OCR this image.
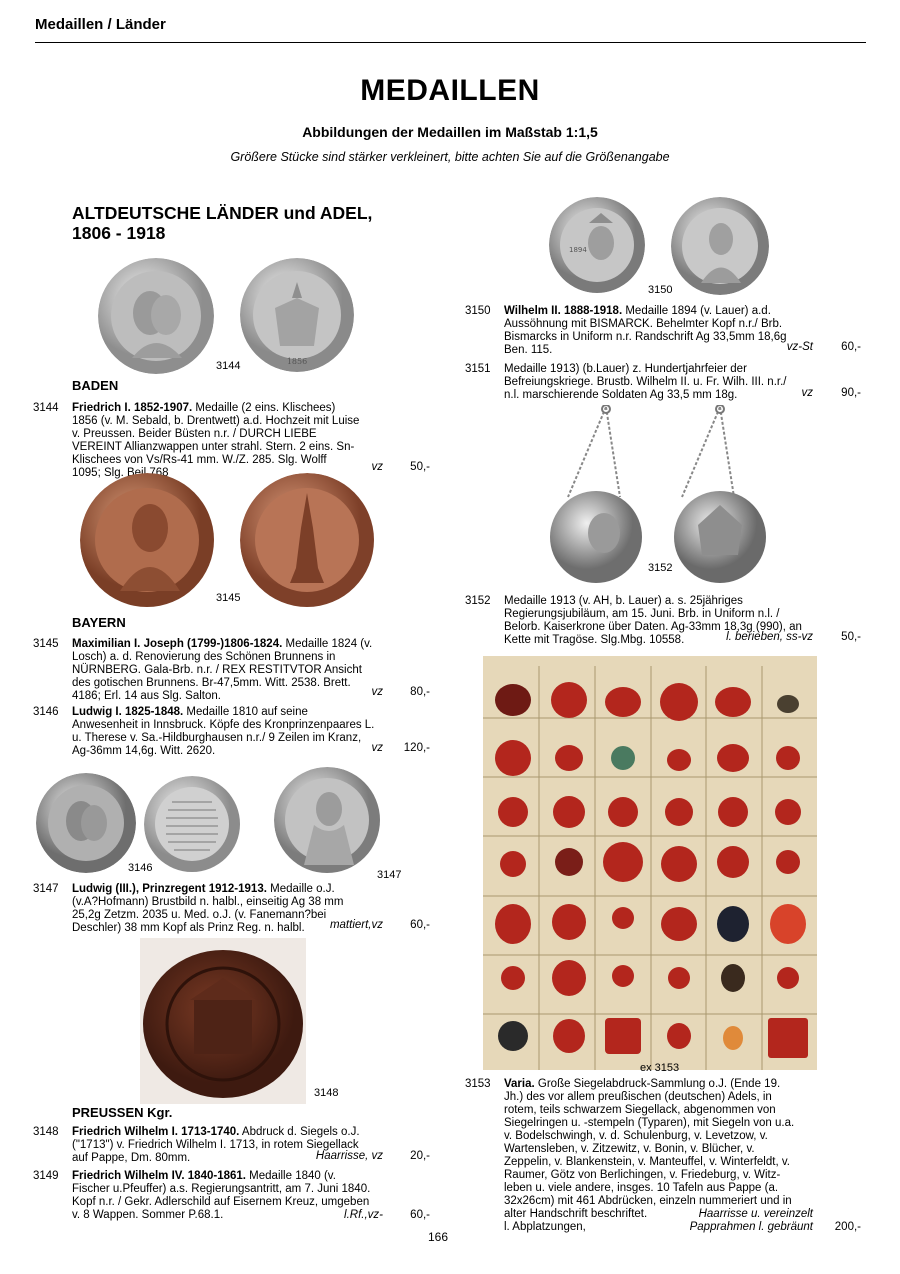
Medaillen / Länder
MEDAILLEN
Abbildungen der Medaillen im Maßstab 1:1,5
Größere Stücke sind stärker verkleinert, bitte achten Sie auf die Größenangabe
ALTDEUTSCHE LÄNDER und ADEL,
1806 - 1918
1856
3144
BADEN
3144	Friedrich I. 1852-1907. Medaille (2 eins. Klischees)
1856 (v. M. Sebald, b. Drentwett) a.d. Hochzeit mit Luise
v. Preussen. Beider Büsten n.r. / DURCH LIEBE
VEREINT Allianzwappen unter strahl. Stern. 2 eins. Sn-
Klischees von Vs/Rs-41 mm. W./Z. 285. Slg. Wolff
1095; Slg. Beil 768	vz 50,-
3145
BAYERN
3145	Maximilian I. Joseph (1799-)1806-1824. Medaille 1824 (v.
Losch) a. d. Renovierung des Schönen Brunnens in
NÜRNBERG. Gala-Brb. n.r. / REX RESTITVTOR Ansicht
des gotischen Brunnens. Br-47,5mm. Witt. 2538. Brett.
4186; Erl. 14 aus Slg. Salton.	vz 80,-
3146	Ludwig I. 1825-1848. Medaille 1810 auf seine
Anwesenheit in Innsbruck. Köpfe des Kronprinzenpaares L.
u. Therese v. Sa.-Hildburghausen n.r./ 9 Zeilen im Kranz,
Ag-36mm 14,6g. Witt. 2620.	vz 120,-
3146
3147
3147	Ludwig (III.), Prinzregent 1912-1913. Medaille o.J.
(v.A?Hofmann) Brustbild n. halbl., einseitig Ag 38 mm
25,2g Zetzm. 2035 u. Med. o.J. (v. Fanemann?bei
Deschler) 38 mm Kopf als Prinz Reg. n. halbl.	mattiert,vz 60,-
3148
PREUSSEN Kgr.
3148	Friedrich Wilhelm I. 1713-1740. Abdruck d. Siegels o.J.
("1713") v. Friedrich Wilhelm I. 1713, in rotem Siegellack
auf Pappe, Dm. 80mm.	Haarrisse, vz 20,-
3149	Friedrich Wilhelm IV. 1840-1861. Medaille 1840 (v.
Fischer u.Pfeuffer) a.s. Regierungsantritt, am 7. Juni 1840.
Kopf n.r. / Gekr. Adlerschild auf Eisernem Kreuz, umgeben
v. 8 Wappen. Sommer P.68.1.	l.Rf.,vz- 60,-
1894
3150
3150	Wilhelm II. 1888-1918. Medaille 1894 (v. Lauer) a.d.
Aussöhnung mit BISMARCK. Behelmter Kopf n.r./ Brb.
Bismarcks in Uniform n.r. Randschrift Ag 33,5mm 18,6g
Ben. 115.	vz-St 60,-
3151	Medaille 1913) (b.Lauer) z. Hundertjahrfeier der
Befreiungskriege. Brustb. Wilhelm II. u. Fr. Wilh. III. n.r./
n.l. marschierende Soldaten Ag 33,5 mm 18g.	vz 90,-
3152
3152	Medaille 1913 (v. AH, b. Lauer) a. s. 25jähriges
Regierungsjubiläum, am 15. Juni. Brb. in Uniform n.l. /
Belorb. Kaiserkrone über Daten. Ag-33mm 18,3g (990), an
Kette mit Tragöse. Slg.Mbg. 10558.	l. berieben, ss-vz 50,-
ex 3153
3153	Varia. Große Siegelabdruck-Sammlung o.J. (Ende 19.
Jh.) des vor allem preußischen (deutschen) Adels, in
rotem, teils schwarzem Siegellack, abgenommen von
Siegelringen u. -stempeln (Typaren), mit Siegeln von u.a.
v. Bodelschwingh, v. d. Schulenburg, v. Levetzow, v.
Wartensleben, v. Zitzewitz, v. Bonin, v. Blücher, v.
Zeppelin, v. Blankenstein, v. Manteuffel, v. Winterfeldt, v.
Raumer, Götz von Berlichingen, v. Friedeburg, v. Witz-
leben u. viele andere, insges. 10 Tafeln aus Pappe (a.
32x26cm) mit 461 Abdrücken, einzeln nummeriert und in
alter Handschrift beschriftet.
l. Abplatzungen,
Haarrisse u. vereinzelt
Papprahmen l. gebräunt 200,-
166
